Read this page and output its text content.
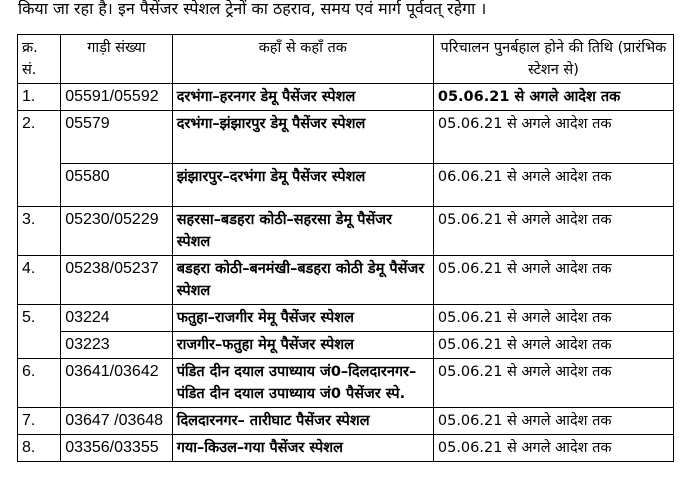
किया जा रहा है। इन पैसेंजर स्पेशल ट्रेनों का ठहराव, समय एवं मार्ग पूर्ववत् रहेगा ।
क्र. सं.	गाड़ी संख्या	कहाँ से कहाँ तक	परिचालन पुनर्बहाल होने की तिथि (प्रारंभिक स्टेशन से)
1.	05591/05592	दरभंगा–हरनगर डेमू पैसेंजर स्पेशल	05.06.21 से अगले आदेश तक
2.	05579	दरभंगा–झंझारपुर डेमू पैसेंजर स्पेशल	05.06.21 से अगले आदेश तक
	05580	झंझारपुर–दरभंगा डेमू पैसेंजर स्पेशल	06.06.21 से अगले आदेश तक
3.	05230/05229	सहरसा–बडहरा कोठी–सहरसा डेमू पैसेंजर स्पेशल	05.06.21 से अगले आदेश तक
4.	05238/05237	बडहरा कोठी–बनमंखी–बडहरा कोठी डेमू पैसेंजर स्पेशल	05.06.21 से अगले आदेश तक
5.	03224	फतुहा–राजगीर मेमू पैसेंजर स्पेशल	05.06.21 से अगले आदेश तक
	03223	राजगीर–फतुहा मेमू पैसेंजर स्पेशल	05.06.21 से अगले आदेश तक
6.	03641/03642	पंडित दीन दयाल उपाध्याय जं0–दिलदारनगर– पंडित दीन दयाल उपाध्याय जं0 पैसेंजर स्पे.	05.06.21 से अगले आदेश तक
7.	03647 /03648	दिलदारनगर– तारीघाट पैसेंजर स्पेशल	05.06.21 से अगले आदेश तक
8.	03356/03355	गया–किउल–गया पैसेंजर स्पेशल	05.06.21 से अगले आदेश तक
